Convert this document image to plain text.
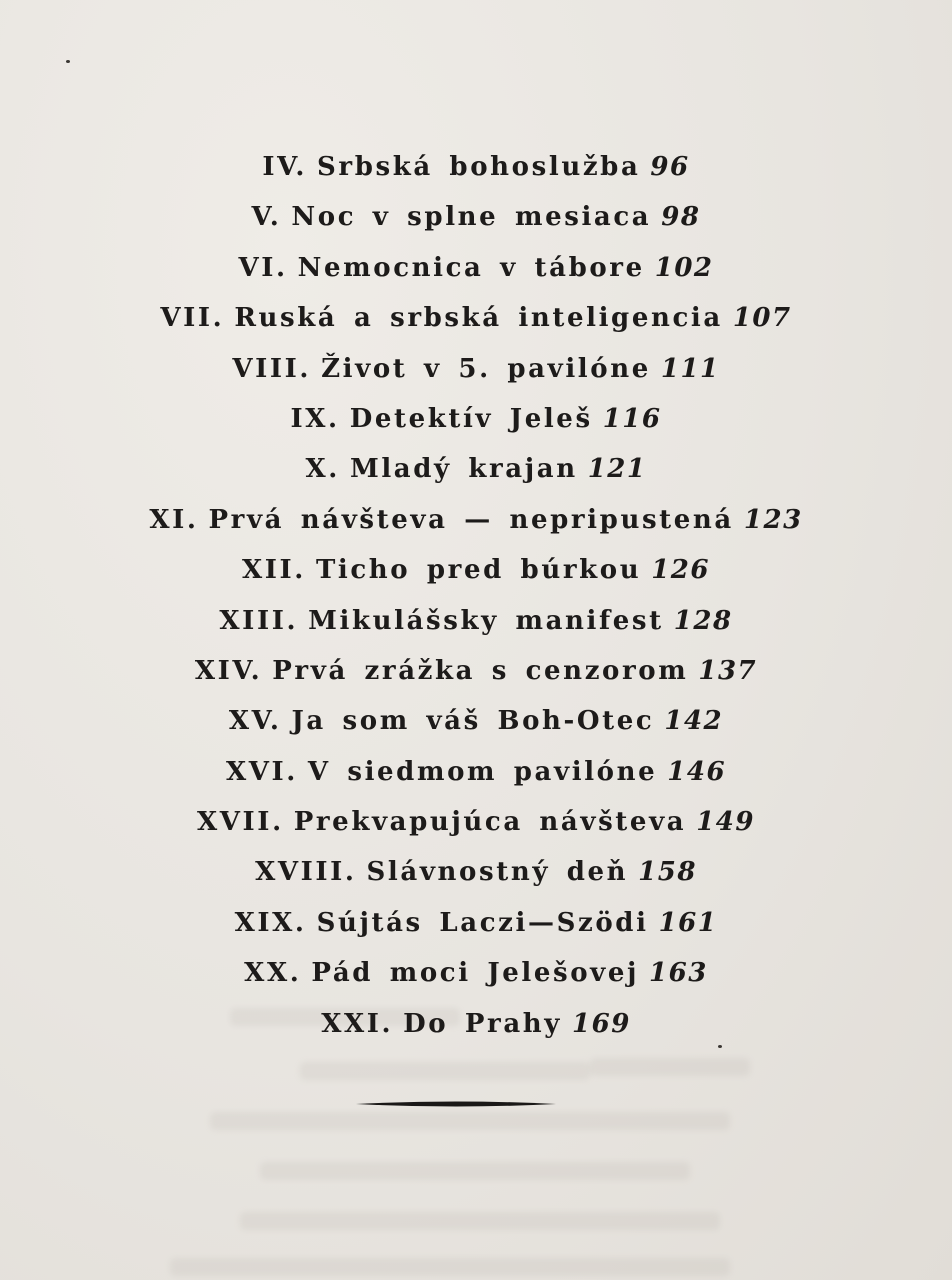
IV. Srbská bohoslužba 96
V. Noc v splne mesiaca 98
VI. Nemocnica v tábore 102
VII. Ruská a srbská inteligencia 107
VIII. Život v 5. pavilóne 111
IX. Detektív Jeleš 116
X. Mladý krajan 121
XI. Prvá návšteva — nepripustená 123
XII. Ticho pred búrkou 126
XIII. Mikulášsky manifest 128
XIV. Prvá zrážka s cenzorom 137
XV. Ja som váš Boh-Otec 142
XVI. V siedmom pavilóne 146
XVII. Prekvapujúca návšteva 149
XVIII. Slávnostný deň 158
XIX. Sújtás Laczi—Szödi 161
XX. Pád moci Jelešovej 163
XXI. Do Prahy 169
